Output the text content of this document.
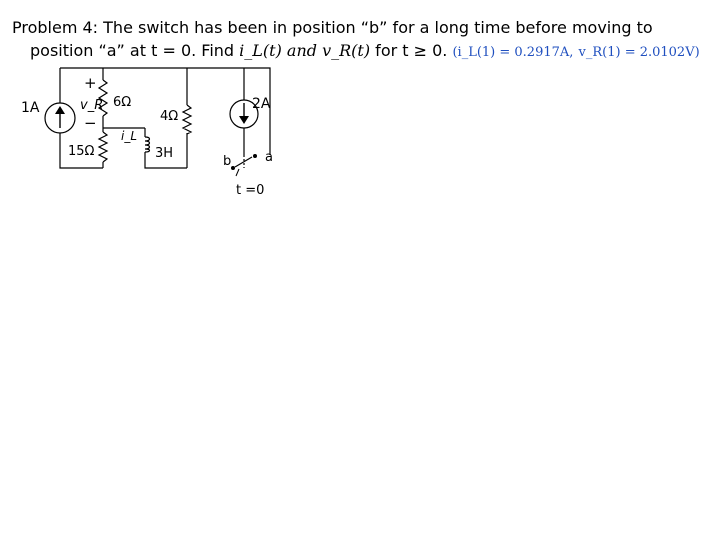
Problem 4: The switch has been in position “b” for a long time before moving to
position “a” at t = 0. Find i_L(t) and v_R(t) for t ≥ 0. (i_L(1) = 0.2917A, v_R(1) = 2.0102V)
1A
+
v_R
−
6Ω
15Ω
i_L
3H
4Ω
2A
b	a
t =0
